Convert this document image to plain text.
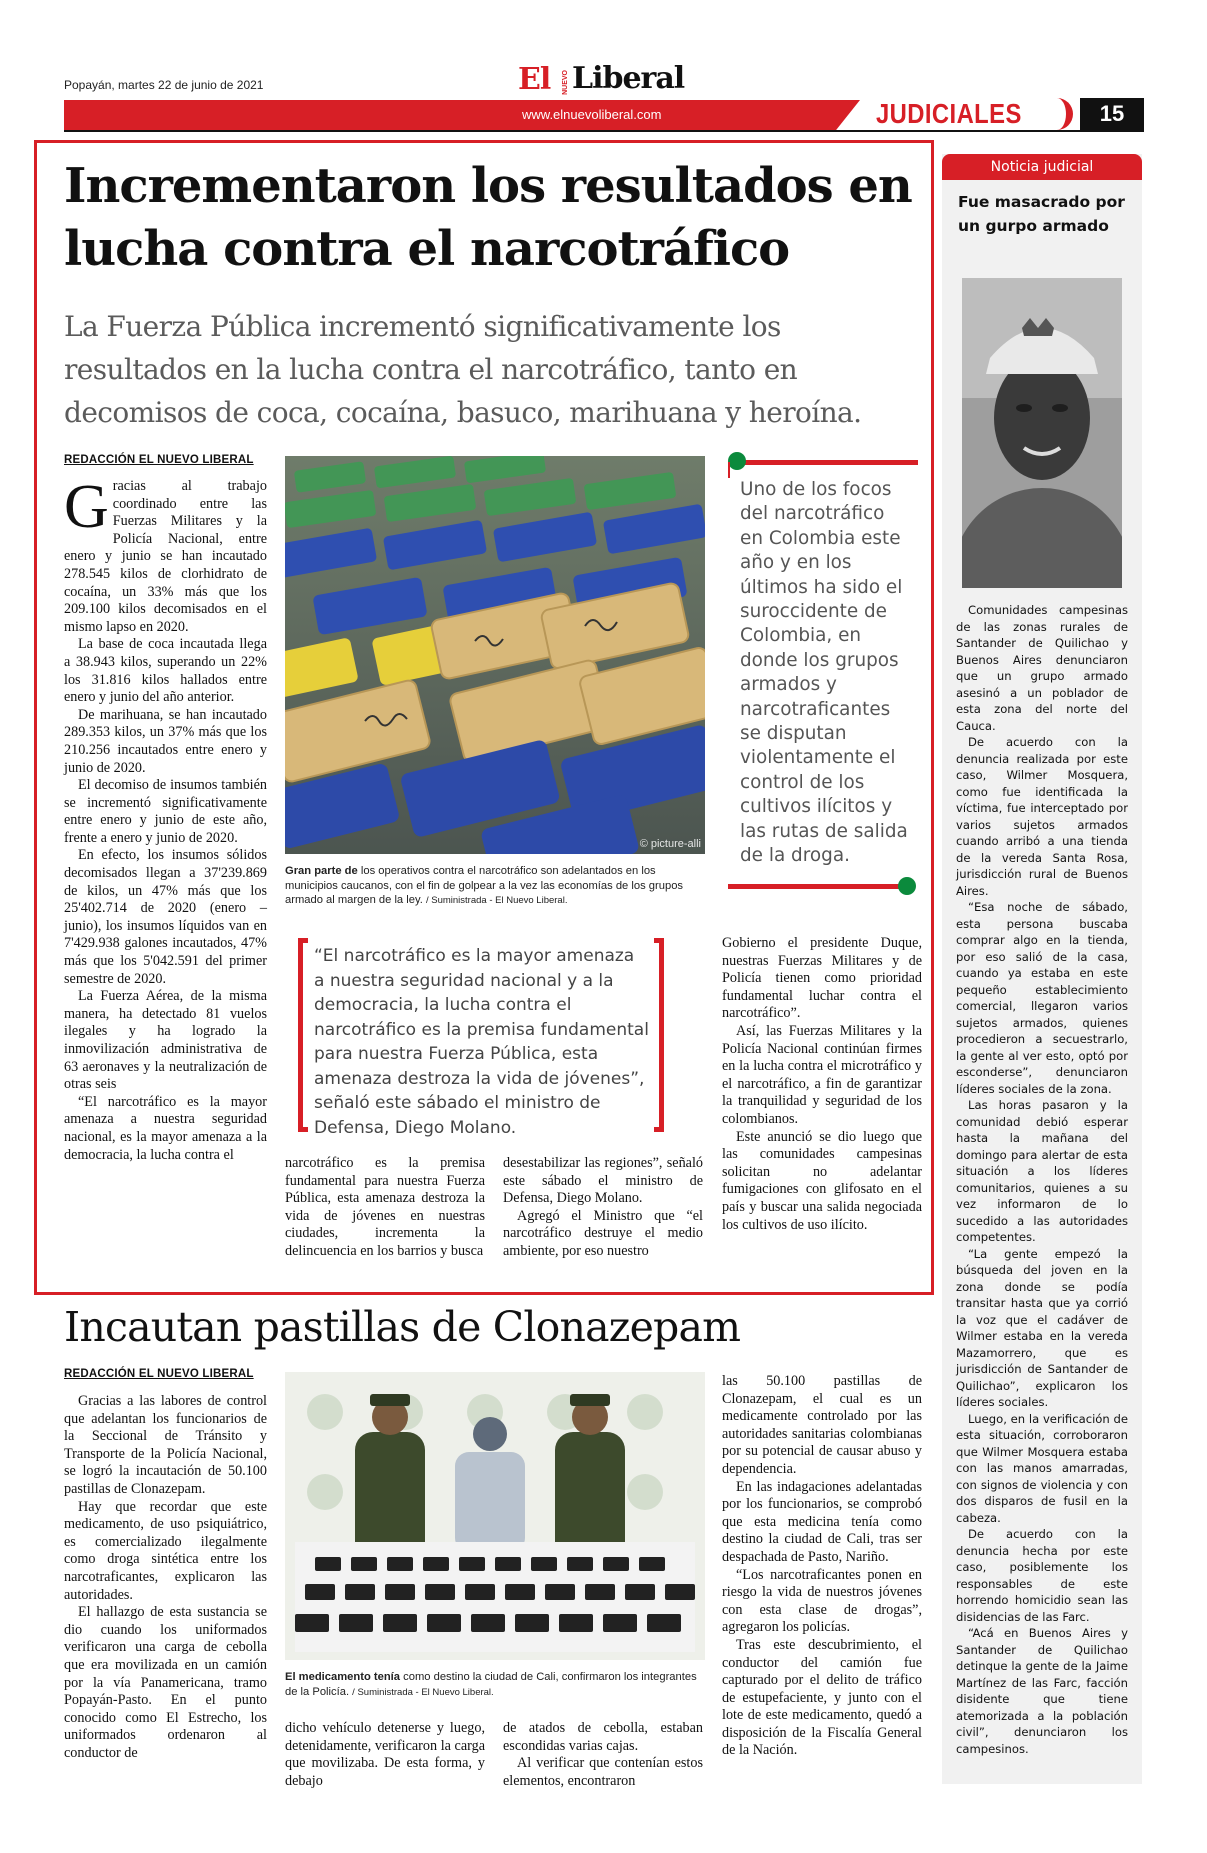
Popayán, martes 22 de junio de 2021	El NUEVO Liberal
www.elnuevoliberal.com	JUDICIALES	15
Incrementaron los resultados en lucha contra el narcotráfico
La Fuerza Pública incrementó significativamente los resultados en la lucha contra el narcotráfico, tanto en decomisos de coca, cocaína, basuco, marihuana y heroína.
REDACCIÓN EL NUEVO LIBERAL

Gracias al trabajo coordinado entre las Fuerzas Militares y la Policía Nacional, entre enero y junio se han incautado 278.545 kilos de clorhidrato de cocaína, un 33% más que los 209.100 kilos decomisados en el mismo lapso en 2020.

La base de coca incautada llega a 38.943 kilos, superando un 22% los 31.816 kilos hallados entre enero y junio del año anterior.

De marihuana, se han incautado 289.353 kilos, un 37% más que los 210.256 incautados entre enero y junio de 2020.

El decomiso de insumos también se incrementó significativamente entre enero y junio de este año, frente a enero y junio de 2020.

En efecto, los insumos sólidos decomisados llegan a 37'239.869 de kilos, un 47% más que los 25'402.714 de 2020 (enero – junio), los insumos líquidos van en 7'429.938 galones incautados, 47% más que los 5'042.591 del primer semestre de 2020.

La Fuerza Aérea, de la misma manera, ha detectado 81 vuelos ilegales y ha logrado la inmovilización administrativa de 63 aeronaves y la neutralización de otras seis

“El narcotráfico es la mayor amenaza a nuestra seguridad nacional, es la mayor amenaza a la democracia, la lucha contra el

© picture-alli
Gran parte de los operativos contra el narcotráfico son adelantados en los municipios caucanos, con el fin de golpear a la vez las economías de los grupos armado al margen de la ley. / Suministrada - El Nuevo Liberal.
Uno de los focos del narcotráfico en Colombia este año y en los últimos ha sido el suroccidente de Colombia, en donde los grupos armados y narcotraficantes se disputan violentamente el control de los cultivos ilícitos y las rutas de salida de la droga.
“El narcotráfico es la mayor amenaza a nuestra seguridad nacional y a la democracia, la lucha contra el narcotráfico es la premisa fundamental para nuestra Fuerza Pública, esta amenaza destroza la vida de jóvenes”, señaló este sábado el ministro de Defensa, Diego Molano.

Gobierno el presidente Duque, nuestras Fuerzas Militares y de Policía tienen como prioridad fundamental luchar contra el narcotráfico”.

Así, las Fuerzas Militares y la Policía Nacional continúan firmes en la lucha contra el microtráfico y el narcotráfico, a fin de garantizar la tranquilidad y seguridad de los colombianos.

Este anunció se dio luego que las comunidades campesinas solicitan no adelantar fumigaciones con glifosato en el país y buscar una salida negociada los cultivos de uso ilícito.

narcotráfico es la premisa fundamental para nuestra Fuerza Pública, esta amenaza destroza la vida de jóvenes en nuestras ciudades, incrementa la delincuencia en los barrios y busca

desestabilizar las regiones”, señaló este sábado el ministro de Defensa, Diego Molano.

Agregó el Ministro que “el narcotráfico destruye el medio ambiente, por eso nuestro

Incautan pastillas de Clonazepam
REDACCIÓN EL NUEVO LIBERAL

Gracias a las labores de control que adelantan los funcionarios de la Seccional de Tránsito y Transporte de la Policía Nacional, se logró la incautación de 50.100 pastillas de Clonazepam.

Hay que recordar que este medicamento, de uso psiquiátrico, es comercializado ilegalmente como droga sintética entre los narcotraficantes, explicaron las autoridades.

El hallazgo de esta sustancia se dio cuando los uniformados verificaron una carga de cebolla que era movilizada en un camión por la vía Panamericana, tramo Popayán-Pasto. En el punto conocido como El Estrecho, los uniformados ordenaron al conductor de

El medicamento tenía como destino la ciudad de Cali, confirmaron los integrantes de la Policía. / Suministrada - El Nuevo Liberal.

dicho vehículo detenerse y luego, detenidamente, verificaron la carga que movilizaba. De esta forma, y debajo

de atados de cebolla, estaban escondidas varias cajas.

Al verificar que contenían estos elementos, encontraron

las 50.100 pastillas de Clonazepam, el cual es un medicamente controlado por las autoridades sanitarias colombianas por su potencial de causar abuso y dependencia.

En las indagaciones adelantadas por los funcionarios, se comprobó que esta medicina tenía como destino la ciudad de Cali, tras ser despachada de Pasto, Nariño.

“Los narcotraficantes ponen en riesgo la vida de nuestros jóvenes con esta clase de drogas”, agregaron los policías.

Tras este descubrimiento, el conductor del camión fue capturado por el delito de tráfico de estupefaciente, y junto con el lote de este medicamento, quedó a disposición de la Fiscalía General de la Nación.

Noticia judicial
Fue masacrado por un gurpo armado

Comunidades campesinas de las zonas rurales de Santander de Quilichao y Buenos Aires denunciaron que un grupo armado asesinó a un poblador de esta zona del norte del Cauca.

De acuerdo con la denuncia realizada por este caso, Wilmer Mosquera, como fue identificada la víctima, fue interceptado por varios sujetos armados cuando arribó a una tienda de la vereda Santa Rosa, jurisdicción rural de Buenos Aires.

“Esa noche de sábado, esta persona buscaba comprar algo en la tienda, por eso salió de la casa, cuando ya estaba en este pequeño establecimiento comercial, llegaron varios sujetos armados, quienes procedieron a secuestrarlo, la gente al ver esto, optó por esconderse”, denunciaron líderes sociales de la zona.

Las horas pasaron y la comunidad debió esperar hasta la mañana del domingo para alertar de esta situación a los líderes comunitarios, quienes a su vez informaron de lo sucedido a las autoridades competentes.

“La gente empezó la búsqueda del joven en la zona donde se podía transitar hasta que ya corrió la voz que el cadáver de Wilmer estaba en la vereda Mazamorrero, que es jurisdicción de Santander de Quilichao”, explicaron los líderes sociales.

Luego, en la verificación de esta situación, corroboraron que Wilmer Mosquera estaba con las manos amarradas, con signos de violencia y con dos disparos de fusil en la cabeza.

De acuerdo con la denuncia hecha por este caso, posiblemente los responsables de este horrendo homicidio sean las disidencias de las Farc.

“Acá en Buenos Aires y Santander de Quilichao detinque la gente de la Jaime Martínez de las Farc, facción disidente que tiene atemorizada a la población civil”, denunciaron los campesinos.
